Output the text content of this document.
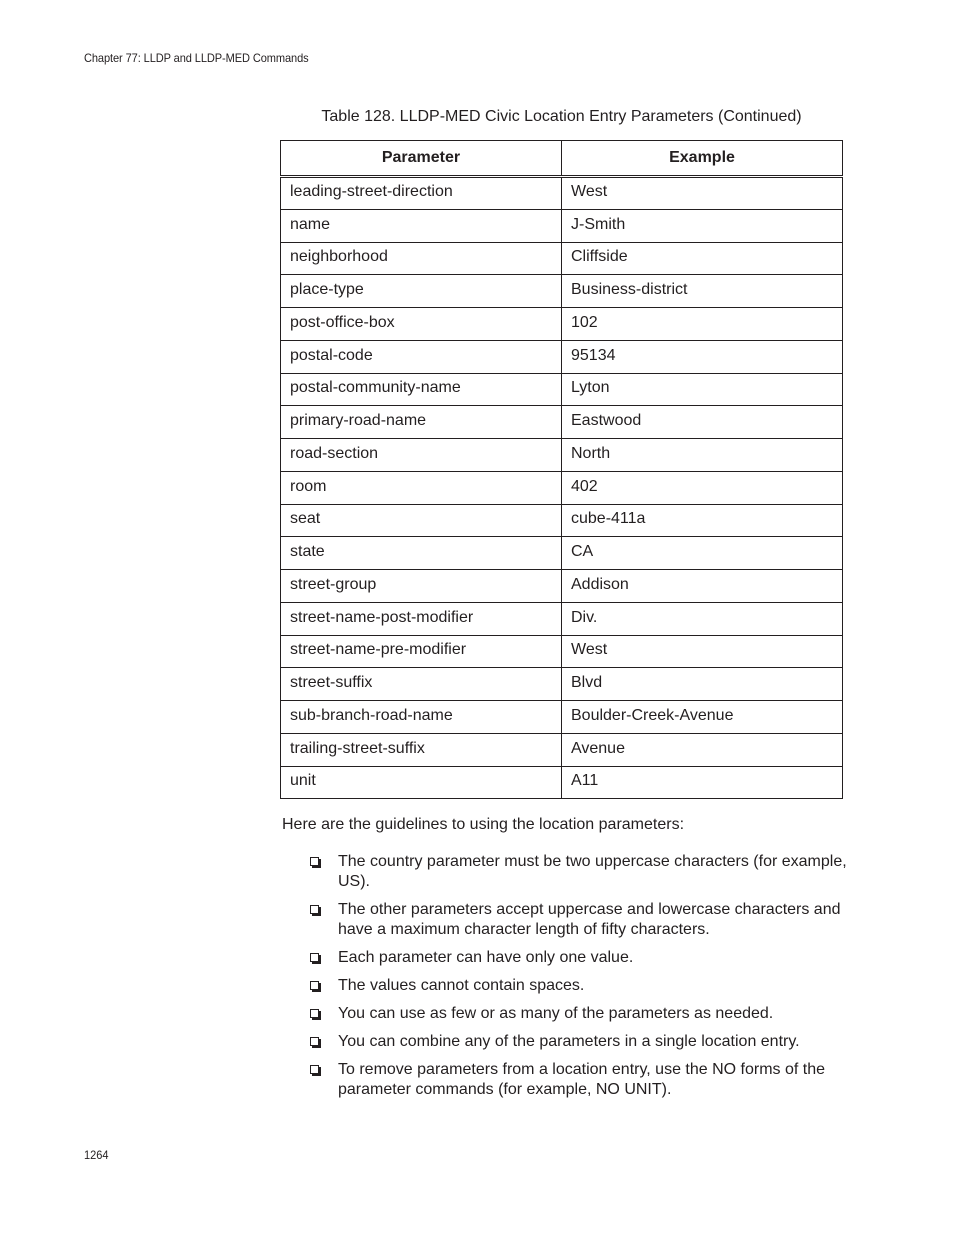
Chapter 77: LLDP and LLDP-MED Commands
Table 128. LLDP-MED Civic Location Entry Parameters (Continued)
Parameter	Example
leading-street-direction	West
name	J-Smith
neighborhood	Cliffside
place-type	Business-district
post-office-box	102
postal-code	95134
postal-community-name	Lyton
primary-road-name	Eastwood
road-section	North
room	402
seat	cube-411a
state	CA
street-group	Addison
street-name-post-modifier	Div.
street-name-pre-modifier	West
street-suffix	Blvd
sub-branch-road-name	Boulder-Creek-Avenue
trailing-street-suffix	Avenue
unit	A11
Here are the guidelines to using the location parameters:
The country parameter must be two uppercase characters (for example, US).
The other parameters accept uppercase and lowercase characters and have a maximum character length of fifty characters.
Each parameter can have only one value.
The values cannot contain spaces.
You can use as few or as many of the parameters as needed.
You can combine any of the parameters in a single location entry.
To remove parameters from a location entry, use the NO forms of the parameter commands (for example, NO UNIT).
1264
